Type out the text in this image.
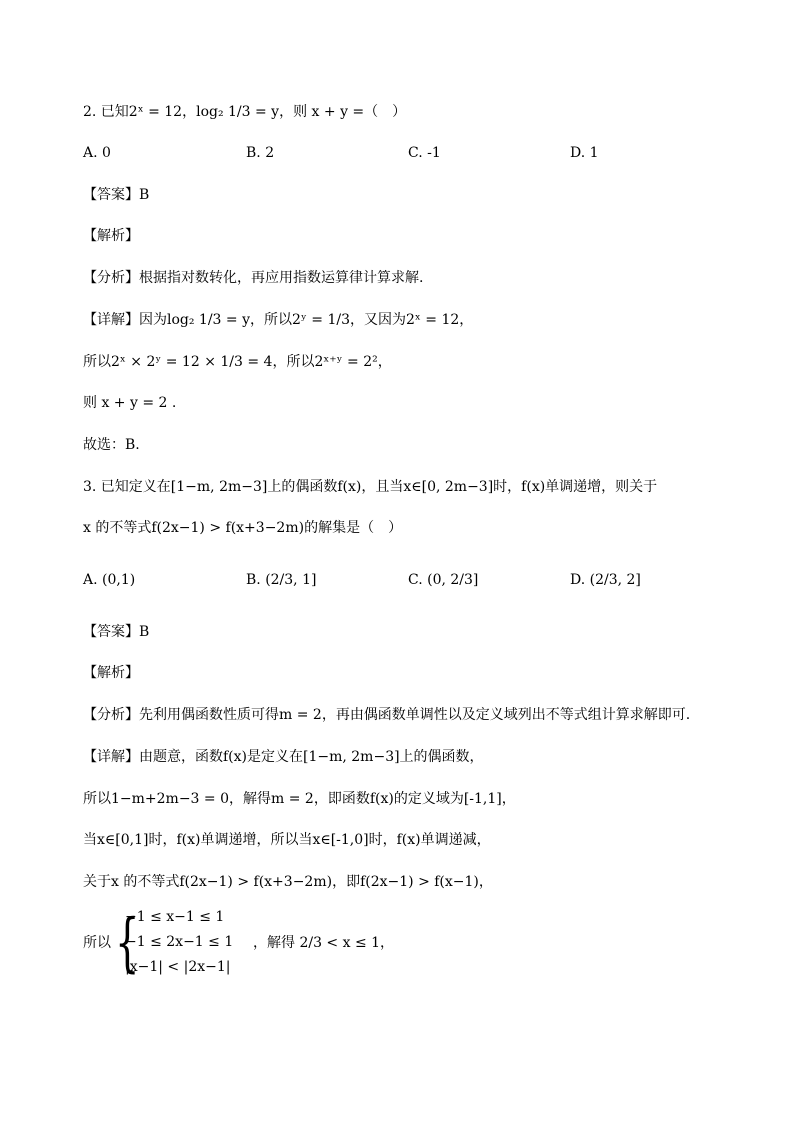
2. 已知2ˣ = 12，log₂ 1/3 = y，则 x + y =（　）
A. 0	B. 2	C. -1	D. 1
【答案】B
【解析】
【分析】根据指对数转化，再应用指数运算律计算求解.
【详解】因为log₂ 1/3 = y，所以2ʸ = 1/3，又因为2ˣ = 12，
所以2ˣ × 2ʸ = 12 × 1/3 = 4，所以2ˣ⁺ʸ = 2²，
则 x + y = 2 .
故选：B.
3. 已知定义在[1−m, 2m−3]上的偶函数f(x)，且当x∈[0, 2m−3]时，f(x)单调递增，则关于
x 的不等式f(2x−1) > f(x+3−2m)的解集是（　）
A. (0,1)	B. (2/3, 1]	C. (0, 2/3]	D. (2/3, 2]
【答案】B
【解析】
【分析】先利用偶函数性质可得m = 2，再由偶函数单调性以及定义域列出不等式组计算求解即可.
【详解】由题意，函数f(x)是定义在[1−m, 2m−3]上的偶函数，
所以1−m+2m−3 = 0，解得m = 2，即函数f(x)的定义域为[-1,1]，
当x∈[0,1]时，f(x)单调递增，所以当x∈[-1,0]时，f(x)单调递减，
关于x 的不等式f(2x−1) > f(x+3−2m)，即f(2x−1) > f(x−1)，
所以 {
−1 ≤ x−1 ≤ 1
−1 ≤ 2x−1 ≤ 1
|x−1| < |2x−1|
，解得 2/3 < x ≤ 1，
